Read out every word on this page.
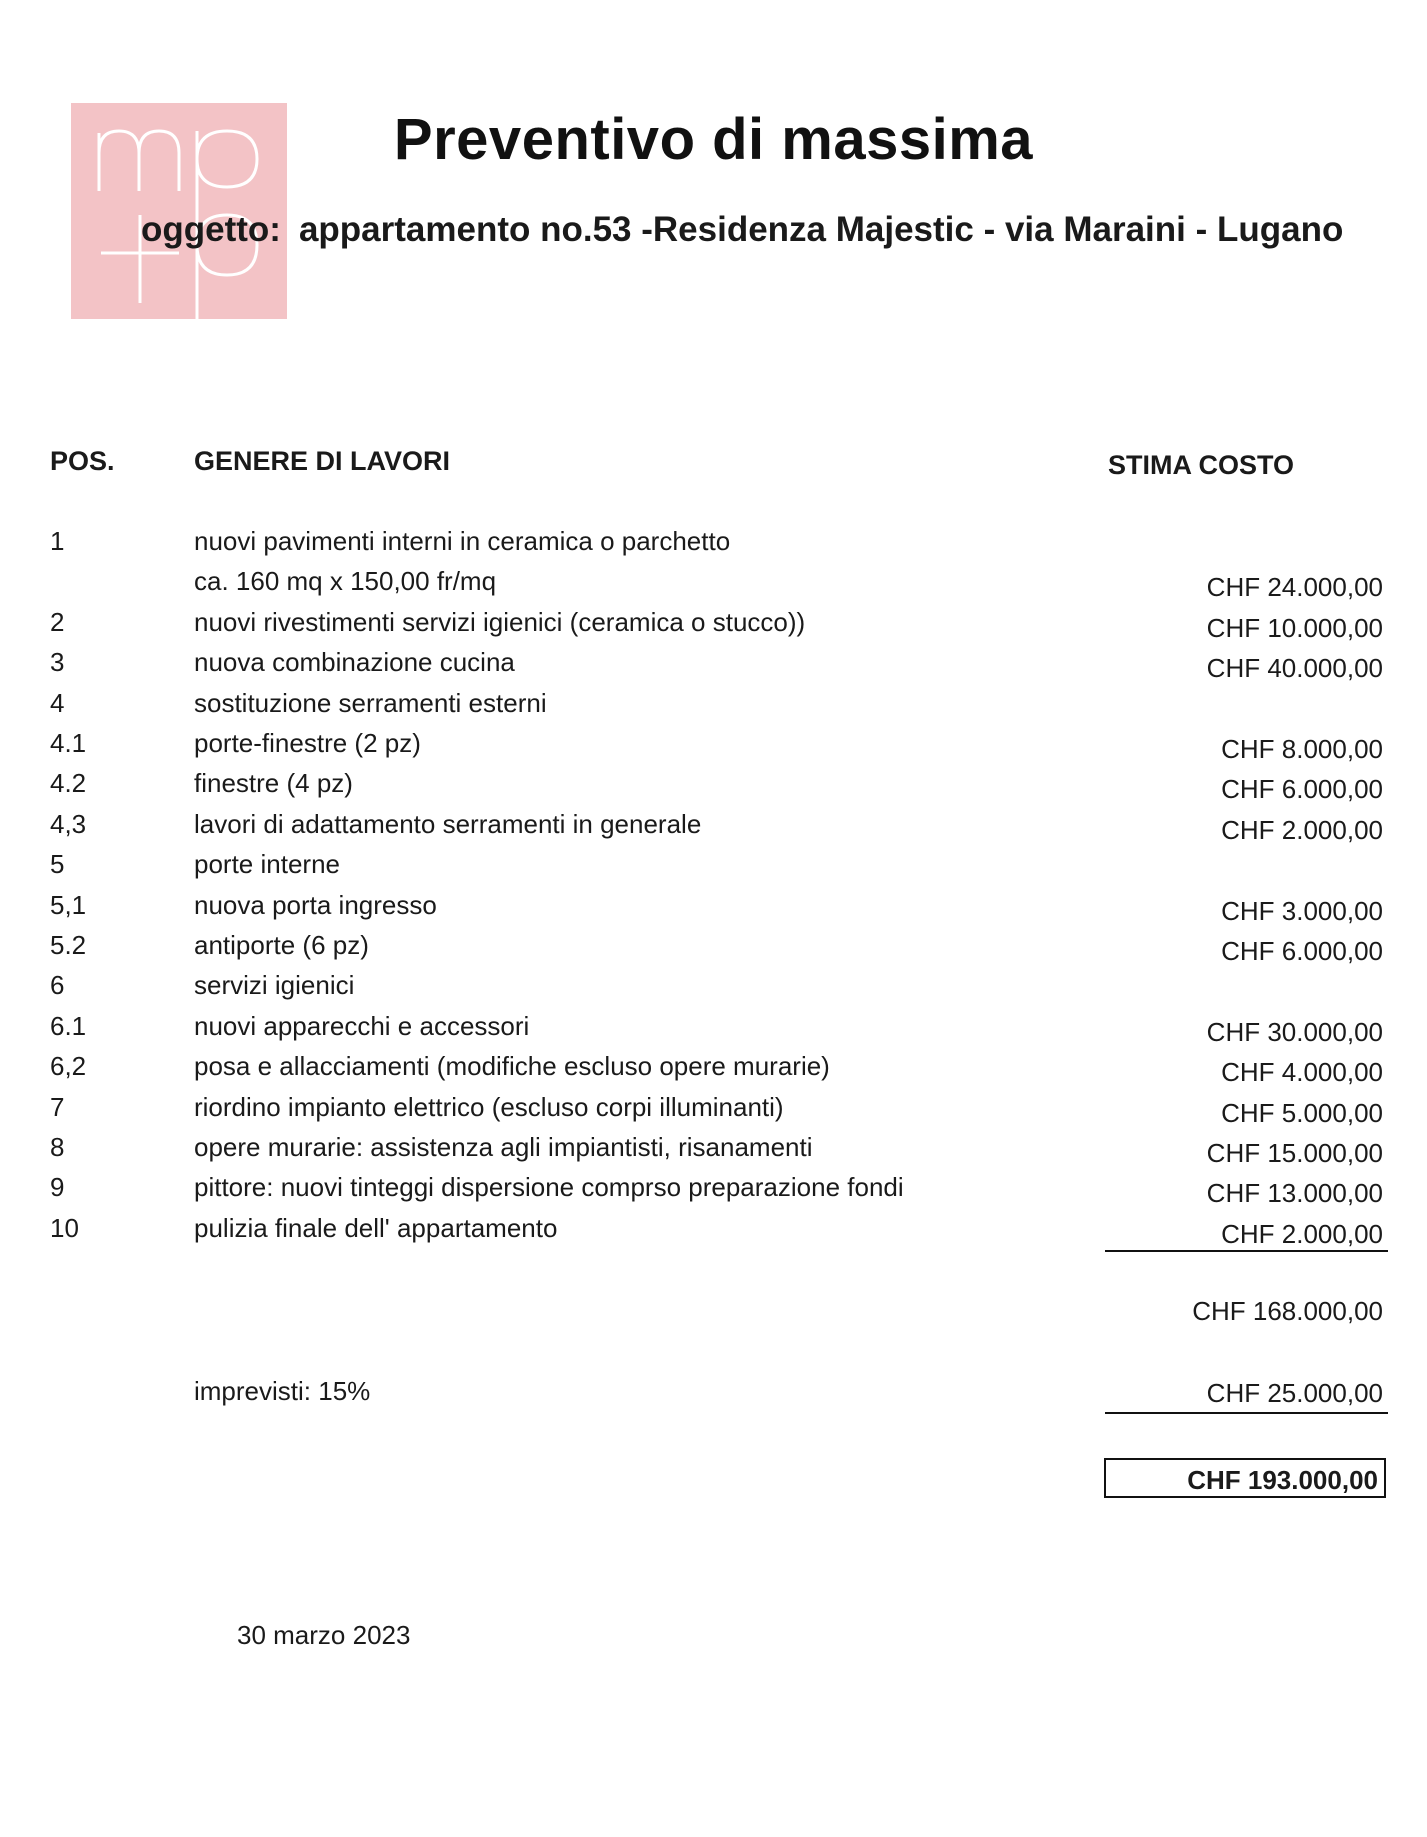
Preventivo di massima
oggetto: appartamento no.53 -Residenza Majestic - via Maraini - Lugano
POS.	GENERE DI LAVORI	STIMA COSTO
1	nuovi pavimenti interni in ceramica o parchetto
ca. 160 mq x 150,00 fr/mq	CHF 24.000,00
2	nuovi rivestimenti servizi igienici (ceramica o stucco))	CHF 10.000,00
3	nuova combinazione cucina	CHF 40.000,00
4	sostituzione serramenti esterni
4.1	porte-finestre (2 pz)	CHF 8.000,00
4.2	finestre (4 pz)	CHF 6.000,00
4,3	lavori di adattamento serramenti in generale	CHF 2.000,00
5	porte interne
5,1	nuova porta ingresso	CHF 3.000,00
5.2	antiporte (6 pz)	CHF 6.000,00
6	servizi igienici
6.1	nuovi apparecchi e accessori	CHF 30.000,00
6,2	posa e allacciamenti (modifiche escluso opere murarie)	CHF 4.000,00
7	riordino impianto elettrico (escluso corpi illuminanti)	CHF 5.000,00
8	opere murarie: assistenza agli impiantisti, risanamenti	CHF 15.000,00
9	pittore: nuovi tinteggi dispersione comprso preparazione fondi	CHF 13.000,00
10	pulizia finale dell' appartamento	CHF 2.000,00
CHF 168.000,00
imprevisti: 15%	CHF 25.000,00
CHF 193.000,00
30 marzo 2023
